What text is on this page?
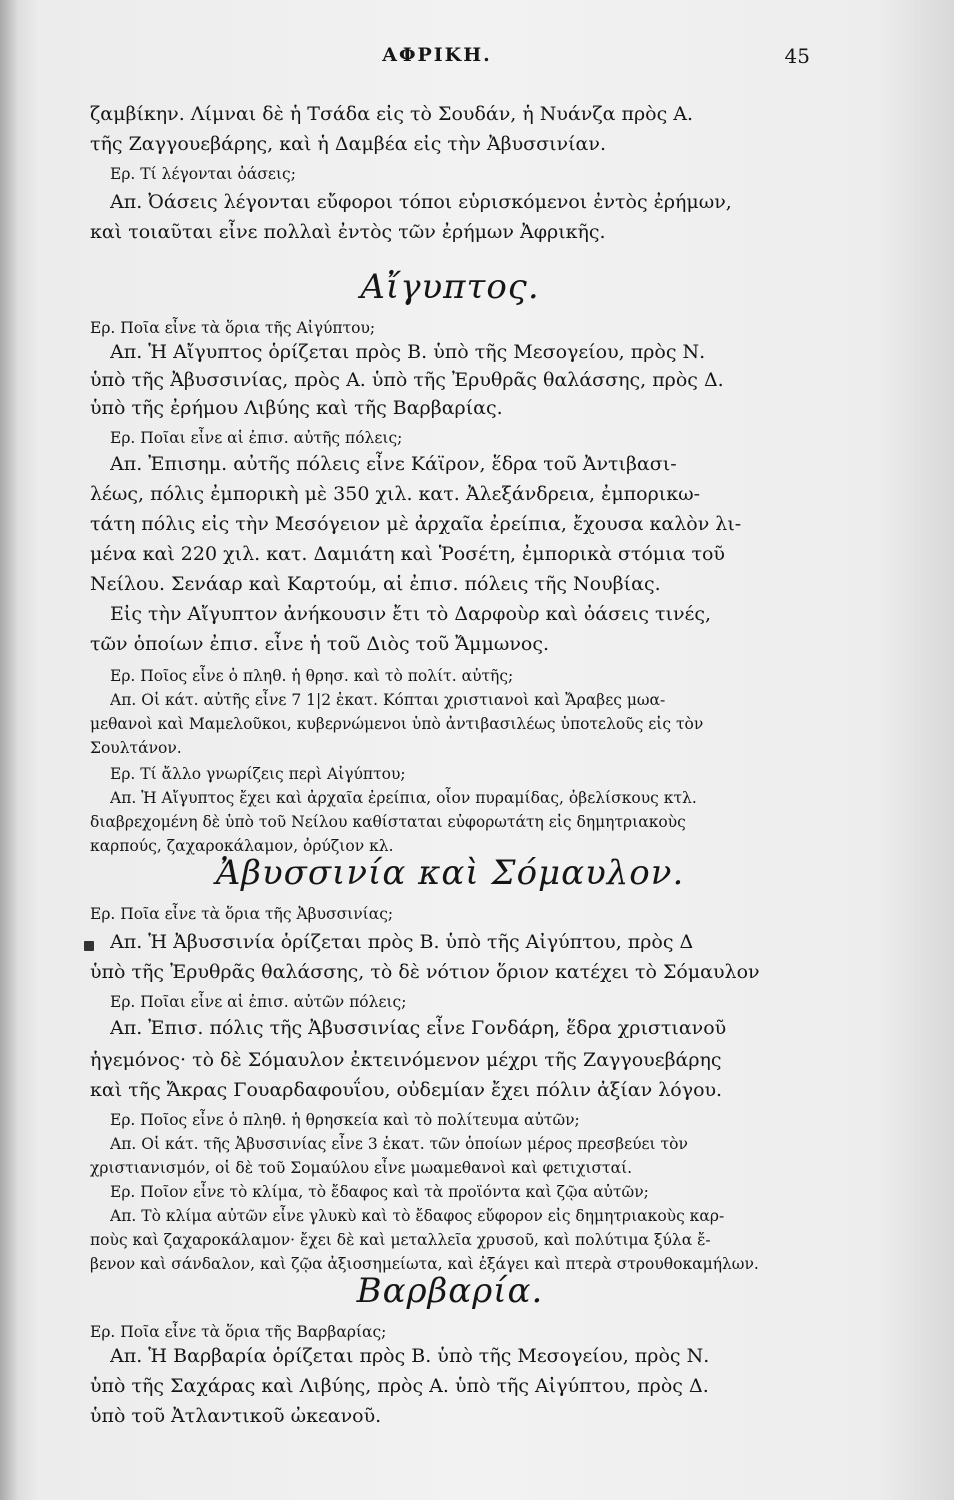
ΑΦΡΙΚΗ.	45
ζαμβίκην. Λίμναι δὲ ἡ Τσάδα εἰς τὸ Σουδάν, ἡ Νυάνζα πρὸς Α.
τῆς Ζαγγουεβάρης, καὶ ἡ Δαμβέα εἰς τὴν Ἀβυσσινίαν.
Ερ. Τί λέγονται ὀάσεις;
Απ. Ὀάσεις λέγονται εὔφοροι τόποι εὑρισκόμενοι ἐντὸς ἐρήμων,
καὶ τοιαῦται εἶνε πολλαὶ ἐντὸς τῶν ἐρήμων Ἀφρικῆς.
Αἴγυπτος.
Ερ. Ποῖα εἶνε τὰ ὅρια τῆς Αἰγύπτου;
Απ. Ἡ Αἴγυπτος ὁρίζεται πρὸς Β. ὑπὸ τῆς Μεσογείου, πρὸς Ν.
ὑπὸ τῆς Ἀβυσσινίας, πρὸς Α. ὑπὸ τῆς Ἐρυθρᾶς θαλάσσης, πρὸς Δ.
ὑπὸ τῆς ἐρήμου Λιβύης καὶ τῆς Βαρβαρίας.
Ερ. Ποῖαι εἶνε αἱ ἐπισ. αὐτῆς πόλεις;
Απ. Ἐπισημ. αὐτῆς πόλεις εἶνε Κάϊρον, ἕδρα τοῦ Ἀντιβασι-
λέως, πόλις ἐμπορικὴ μὲ 350 χιλ. κατ. Ἀλεξάνδρεια, ἐμπορικω-
τάτη πόλις εἰς τὴν Μεσόγειον μὲ ἀρχαῖα ἐρείπια, ἔχουσα καλὸν λι-
μένα καὶ 220 χιλ. κατ. Δαμιάτη καὶ Ῥοσέτη, ἐμπορικὰ στόμια τοῦ
Νείλου. Σενάαρ καὶ Καρτούμ, αἱ ἐπισ. πόλεις τῆς Νουβίας.
Εἰς τὴν Αἴγυπτον ἀνήκουσιν ἔτι τὸ Δαρφοὺρ καὶ ὀάσεις τινές,
τῶν ὁποίων ἐπισ. εἶνε ἡ τοῦ Διὸς τοῦ Ἄμμωνος.
Ερ. Ποῖος εἶνε ὁ πληθ. ἡ θρησ. καὶ τὸ πολίτ. αὐτῆς;
Απ. Οἱ κάτ. αὐτῆς εἶνε 7 1|2 ἑκατ. Κόπται χριστιανοὶ καὶ Ἄραβες μωα-
μεθανοὶ καὶ Μαμελοῦκοι, κυβερνώμενοι ὑπὸ ἀντιβασιλέως ὑποτελοῦς εἰς τὸν
Σουλτάνον.
Ερ. Τί ἄλλο γνωρίζεις περὶ Αἰγύπτου;
Απ. Ἡ Αἴγυπτος ἔχει καὶ ἀρχαῖα ἐρείπια, οἷον πυραμίδας, ὀβελίσκους κτλ.
διαβρεχομένη δὲ ὑπὸ τοῦ Νείλου καθίσταται εὐφορωτάτη εἰς δημητριακοὺς
καρπούς, ζαχαροκάλαμον, ὀρύζιον κλ.
Ἀβυσσινία καὶ Σόμαυλον.
Ερ. Ποῖα εἶνε τὰ ὅρια τῆς Ἀβυσσινίας;
Απ. Ἡ Ἀβυσσινία ὁρίζεται πρὸς Β. ὑπὸ τῆς Αἰγύπτου, πρὸς Δ
ὑπὸ τῆς Ἐρυθρᾶς θαλάσσης, τὸ δὲ νότιον ὅριον κατέχει τὸ Σόμαυλον
Ερ. Ποῖαι εἶνε αἱ ἐπισ. αὐτῶν πόλεις;
Απ. Ἐπισ. πόλις τῆς Ἀβυσσινίας εἶνε Γονδάρη, ἕδρα χριστιανοῦ
ἡγεμόνος· τὸ δὲ Σόμαυλον ἐκτεινόμενον μέχρι τῆς Ζαγγουεβάρης
καὶ τῆς Ἄκρας Γουαρδαφουΐου, οὐδεμίαν ἔχει πόλιν ἀξίαν λόγου.
Ερ. Ποῖος εἶνε ὁ πληθ. ἡ θρησκεία καὶ τὸ πολίτευμα αὐτῶν;
Απ. Οἱ κάτ. τῆς Ἀβυσσινίας εἶνε 3 ἑκατ. τῶν ὁποίων μέρος πρεσβεύει τὸν
χριστιανισμόν, οἱ δὲ τοῦ Σομαύλου εἶνε μωαμεθανοὶ καὶ φετιχισταί.
Ερ. Ποῖον εἶνε τὸ κλίμα, τὸ ἔδαφος καὶ τὰ προϊόντα καὶ ζῷα αὐτῶν;
Απ. Τὸ κλίμα αὐτῶν εἶνε γλυκὺ καὶ τὸ ἔδαφος εὔφορον εἰς δημητριακοὺς καρ-
ποὺς καὶ ζαχαροκάλαμον· ἔχει δὲ καὶ μεταλλεῖα χρυσοῦ, καὶ πολύτιμα ξύλα ἔ-
βενον καὶ σάνδαλον, καὶ ζῷα ἀξιοσημείωτα, καὶ ἐξάγει καὶ πτερὰ στρουθοκαμήλων.
Βαρβαρία.
Ερ. Ποῖα εἶνε τὰ ὅρια τῆς Βαρβαρίας;
Απ. Ἡ Βαρβαρία ὁρίζεται πρὸς Β. ὑπὸ τῆς Μεσογείου, πρὸς Ν.
ὑπὸ τῆς Σαχάρας καὶ Λιβύης, πρὸς Α. ὑπὸ τῆς Αἰγύπτου, πρὸς Δ.
ὑπὸ τοῦ Ἀτλαντικοῦ ὠκεανοῦ.
